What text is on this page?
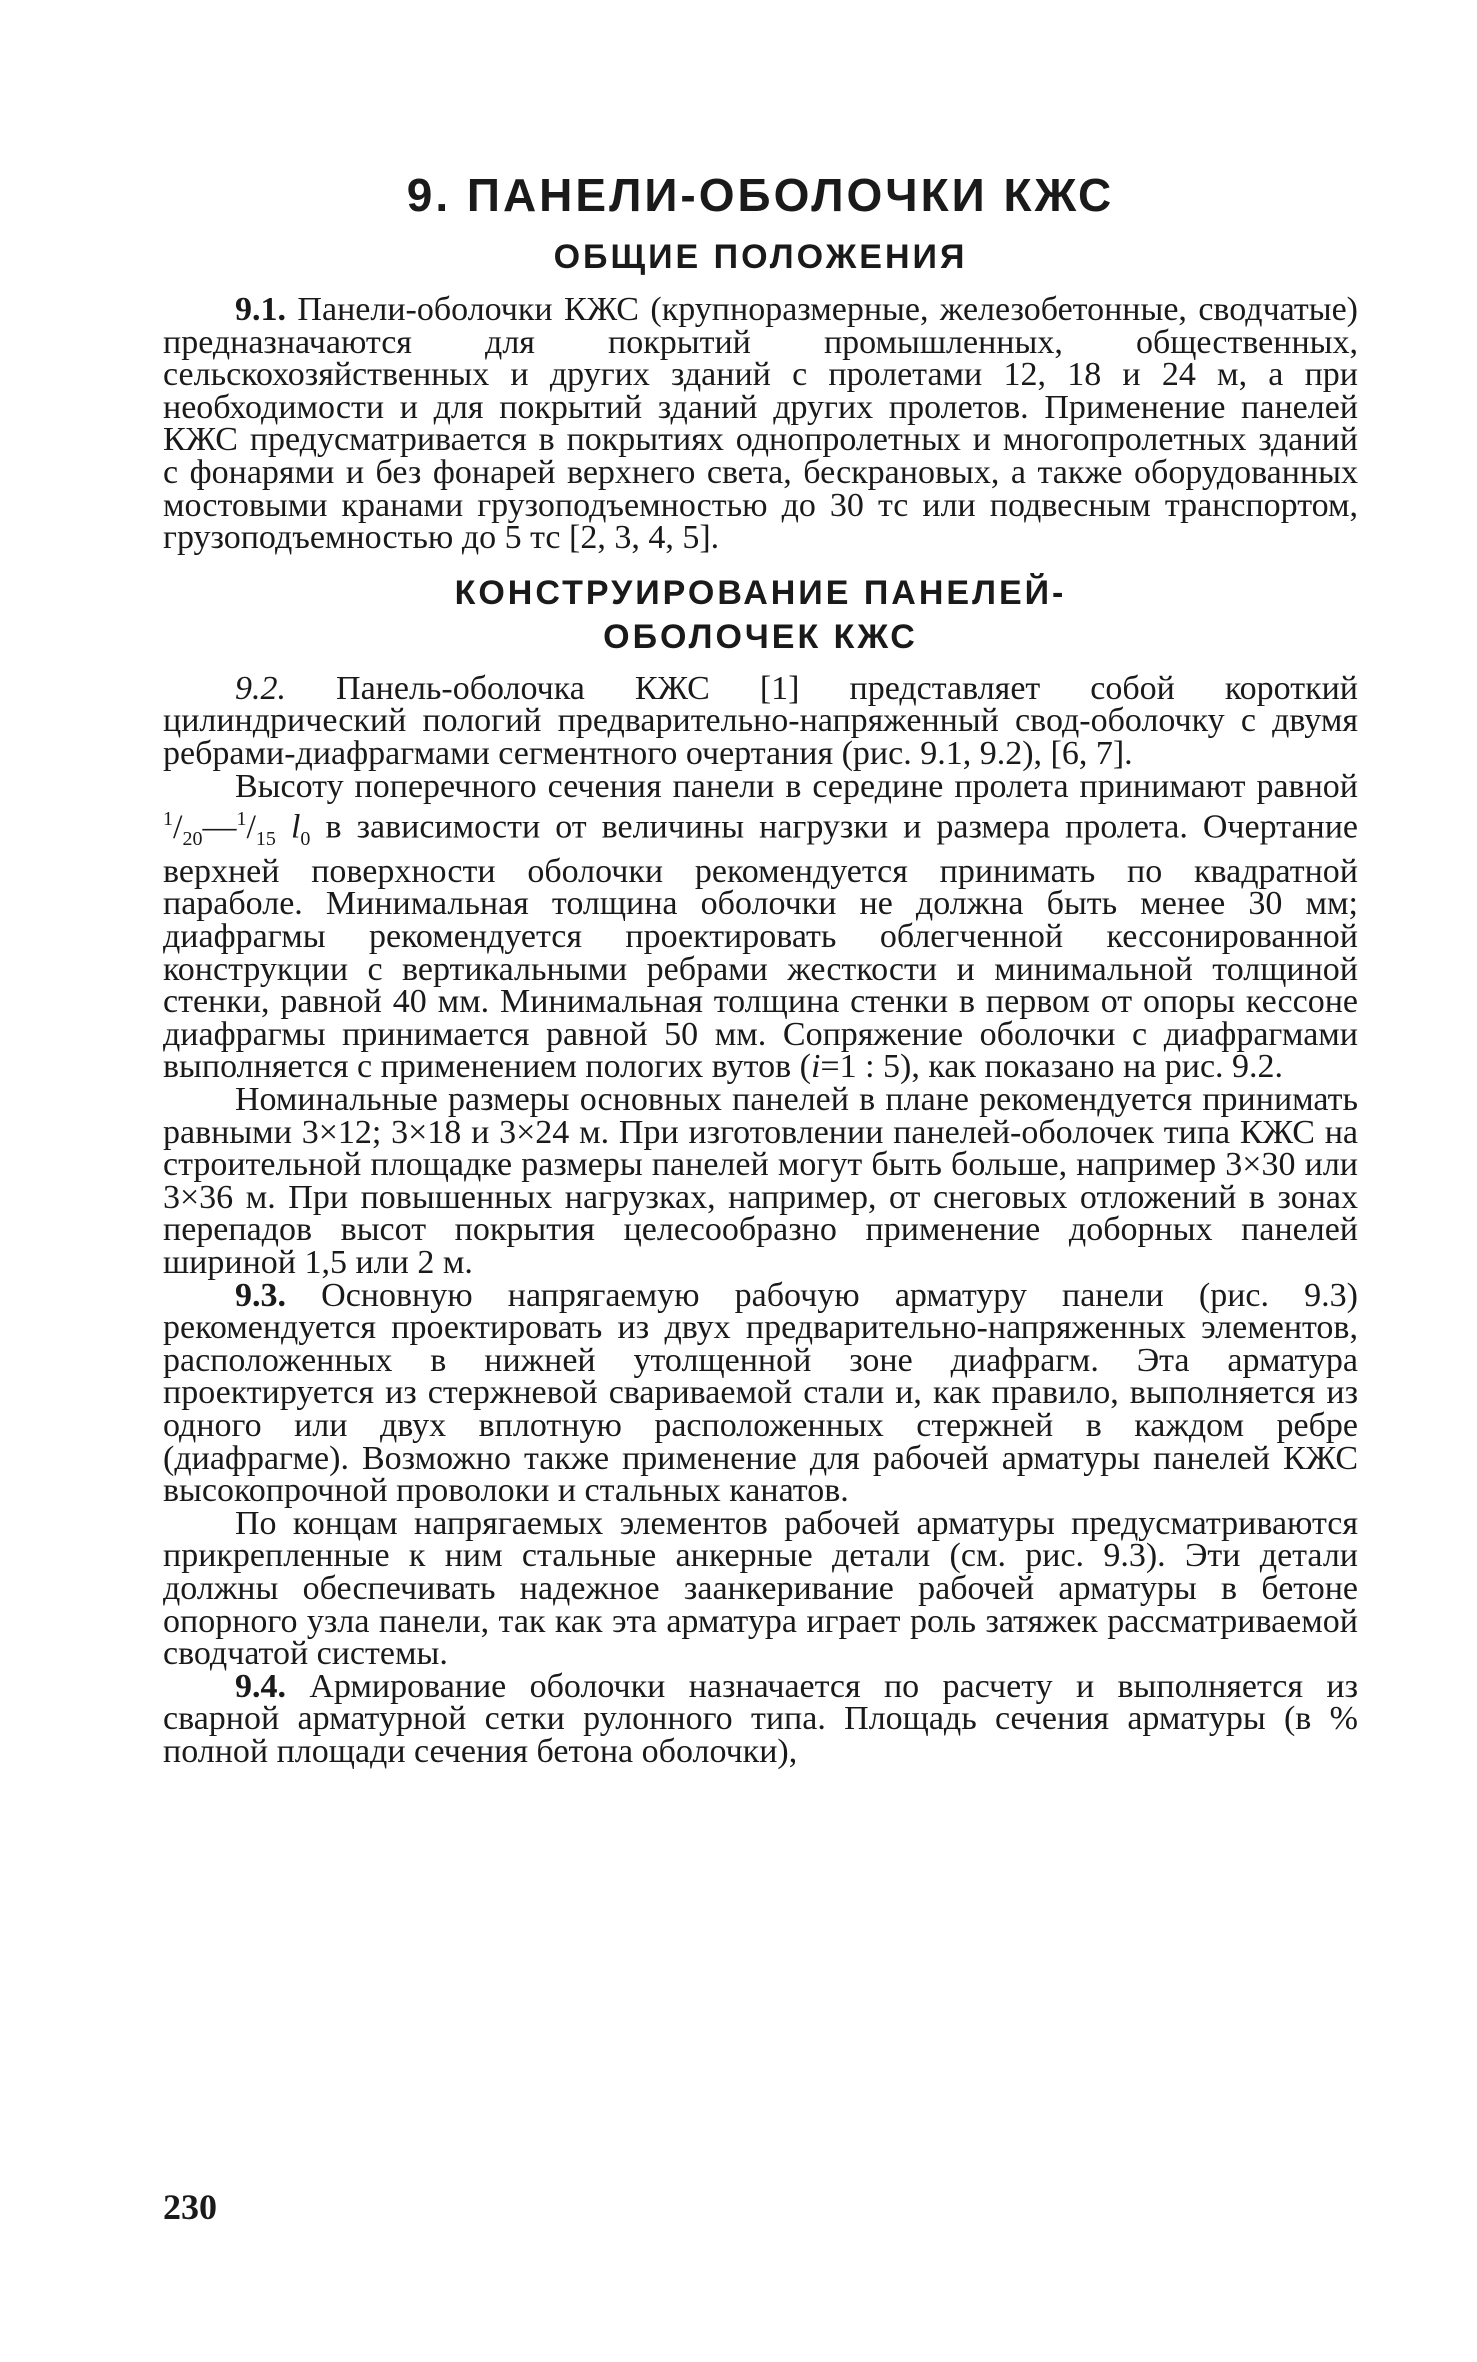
9. ПАНЕЛИ-ОБОЛОЧКИ КЖС
ОБЩИЕ ПОЛОЖЕНИЯ

9.1. Панели-оболочки КЖС (крупноразмерные, железобетонные, сводчатые) предназначаются для покрытий промышленных, общественных, сельскохозяйственных и других зданий с пролетами 12, 18 и 24 м, а при необходимости и для покрытий зданий других пролетов. Применение панелей КЖС предусматривается в покрытиях однопролетных и многопролетных зданий с фонарями и без фонарей верхнего света, бескрановых, а также оборудованных мостовыми кранами грузоподъемностью до 30 тс или подвесным транспортом, грузоподъемностью до 5 тс [2, 3, 4, 5].

КОНСТРУИРОВАНИЕ ПАНЕЛЕЙ-
ОБОЛОЧЕК КЖС

9.2. Панель-оболочка КЖС [1] представляет собой короткий цилиндрический пологий предварительно-напряженный свод-оболочку с двумя ребрами-диафрагмами сегментного очертания (рис. 9.1, 9.2), [6, 7].

Высоту поперечного сечения панели в середине пролета принимают равной $^1/_{20}—^1/_{15}$ $l_0$ в зависимости от величины нагрузки и размера пролета. Очертание верхней поверхности оболочки рекомендуется принимать по квадратной параболе. Минимальная толщина оболочки не должна быть менее 30 мм; диафрагмы рекомендуется проектировать облегченной кессонированной конструкции с вертикальными ребрами жесткости и минимальной толщиной стенки, равной 40 мм. Минимальная толщина стенки в первом от опоры кессоне диафрагмы принимается равной 50 мм. Сопряжение оболочки с диафрагмами выполняется с применением пологих вутов (i=1 : 5), как показано на рис. 9.2.

Номинальные размеры основных панелей в плане рекомендуется принимать равными 3×12; 3×18 и 3×24 м. При изготовлении панелей-оболочек типа КЖС на строительной площадке размеры панелей могут быть больше, например 3×30 или 3×36 м. При повышенных нагрузках, например, от снеговых отложений в зонах перепадов высот покрытия целесообразно применение доборных панелей шириной 1,5 или 2 м.

9.3. Основную напрягаемую рабочую арматуру панели (рис. 9.3) рекомендуется проектировать из двух предварительно-напряженных элементов, расположенных в нижней утолщенной зоне диафрагм. Эта арматура проектируется из стержневой свариваемой стали и, как правило, выполняется из одного или двух вплотную расположенных стержней в каждом ребре (диафрагме). Возможно также применение для рабочей арматуры панелей КЖС высокопрочной проволоки и стальных канатов.

По концам напрягаемых элементов рабочей арматуры предусматриваются прикрепленные к ним стальные анкерные детали (см. рис. 9.3). Эти детали должны обеспечивать надежное заанкеривание рабочей арматуры в бетоне опорного узла панели, так как эта арматура играет роль затяжек рассматриваемой сводчатой системы.

9.4. Армирование оболочки назначается по расчету и выполняется из сварной арматурной сетки рулонного типа. Площадь сечения арматуры (в % полной площади сечения бетона оболочки),

230
